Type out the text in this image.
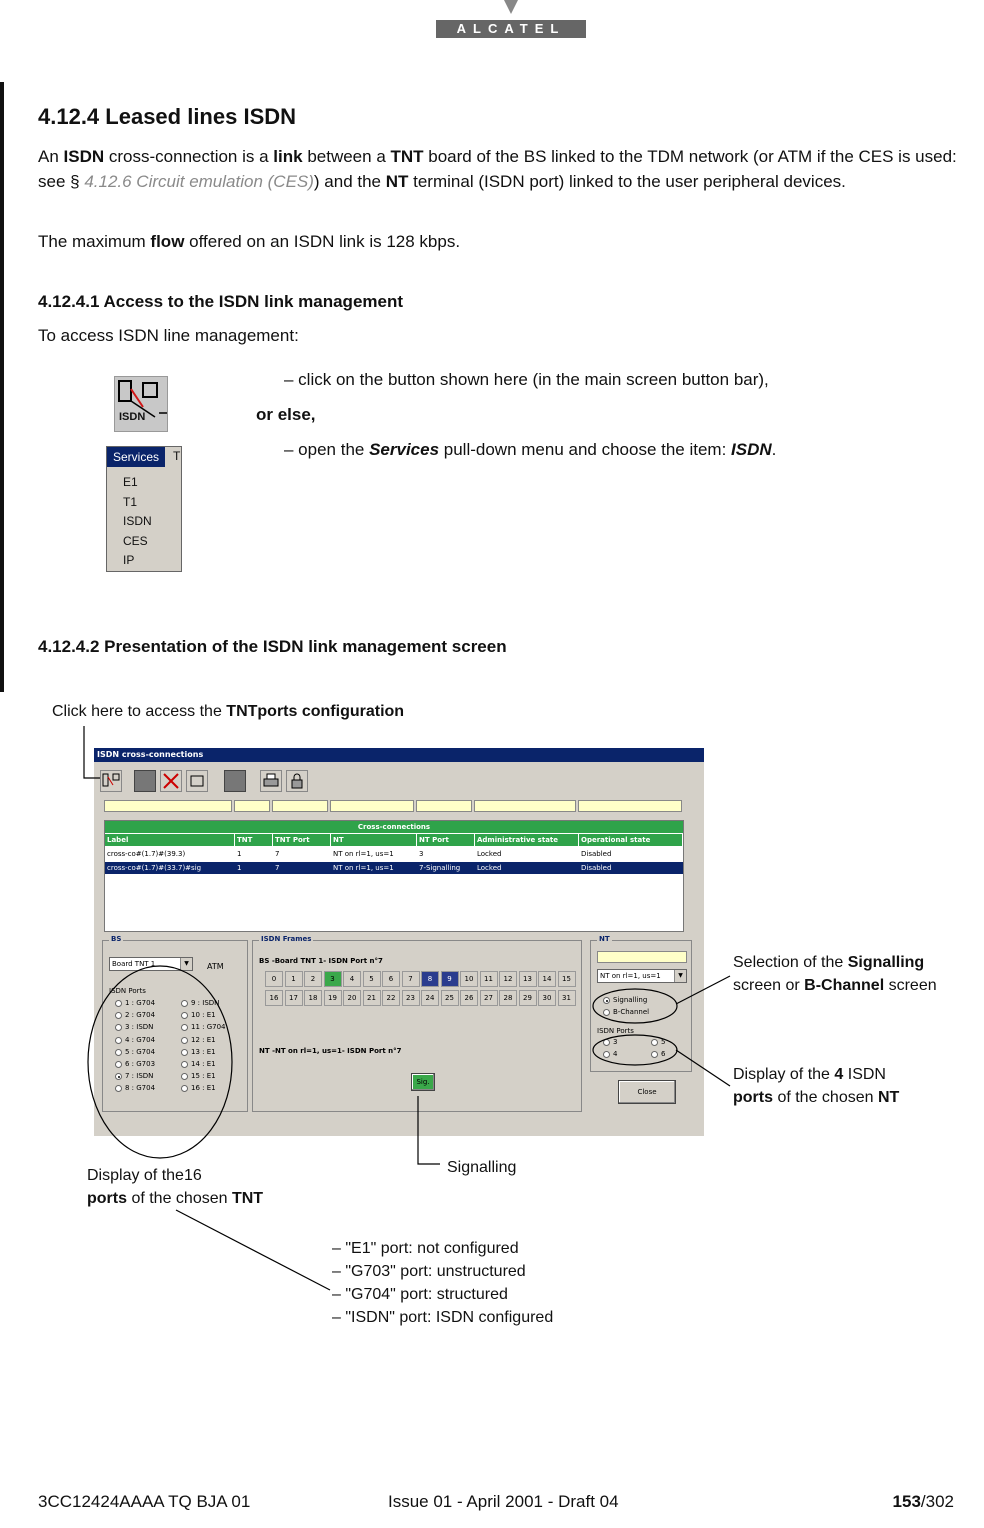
ALCATEL
4.12.4 Leased lines ISDN
An ISDN cross-connection is a link between a TNT board of the BS linked to the TDM network (or ATM if the CES is used: see § 4.12.6 Circuit emulation (CES)) and the NT terminal (ISDN port) linked to the user peripheral devices.
The maximum flow offered on an ISDN link is 128 kbps.
4.12.4.1 Access to the ISDN link management
To access ISDN line management:
ISDN
– click on the button shown here (in the main screen button bar),
or else,
– open the Services pull-down menu and choose the item: ISDN.
Services	T
E1
T1
ISDN
CES
IP
4.12.4.2 Presentation of the ISDN link management screen
Click here to access the TNTports configuration
ISDN cross-connections
Cross-connections
Label	TNT	TNT Port	NT	NT Port	Administrative state	Operational state
cross-co#(1.7)#(39.3)	1	7	NT on rl=1, us=1	3	Locked	Disabled
cross-co#(1.7)#(33.7)#sig	1	7	NT on rl=1, us=1	7-Signalling	Locked	Disabled
BS
Board TNT 1	▼	ATM
ISDN Ports
1 : G704
2 : G704
3 : ISDN
4 : G704
5 : G704
6 : G703
7 : ISDN
8 : G704
9 : ISDN
10 : E1
11 : G704
12 : E1
13 : E1
14 : E1
15 : E1
16 : E1
ISDN Frames
BS -Board TNT 1- ISDN Port n°7
0	1	2	3	4	5	6	7	8	9	10	11	12	13	14	15
16	17	18	19	20	21	22	23	24	25	26	27	28	29	30	31
NT -NT on rl=1, us=1- ISDN Port n°7
Sig.
NT
NT on rl=1, us=1	▼
Signalling
B-Channel
ISDN Ports
3	5
4	6
Close
Selection of the Signalling
screen or B-Channel screen
Display of the 4 ISDN
ports of the chosen NT
Signalling
Display of the16
ports of the chosen TNT
– "E1" port: not configured
– "G703" port: unstructured
– "G704" port: structured
– "ISDN" port: ISDN configured
3CC12424AAAA TQ BJA 01	Issue 01 - April 2001 - Draft 04	153/302
